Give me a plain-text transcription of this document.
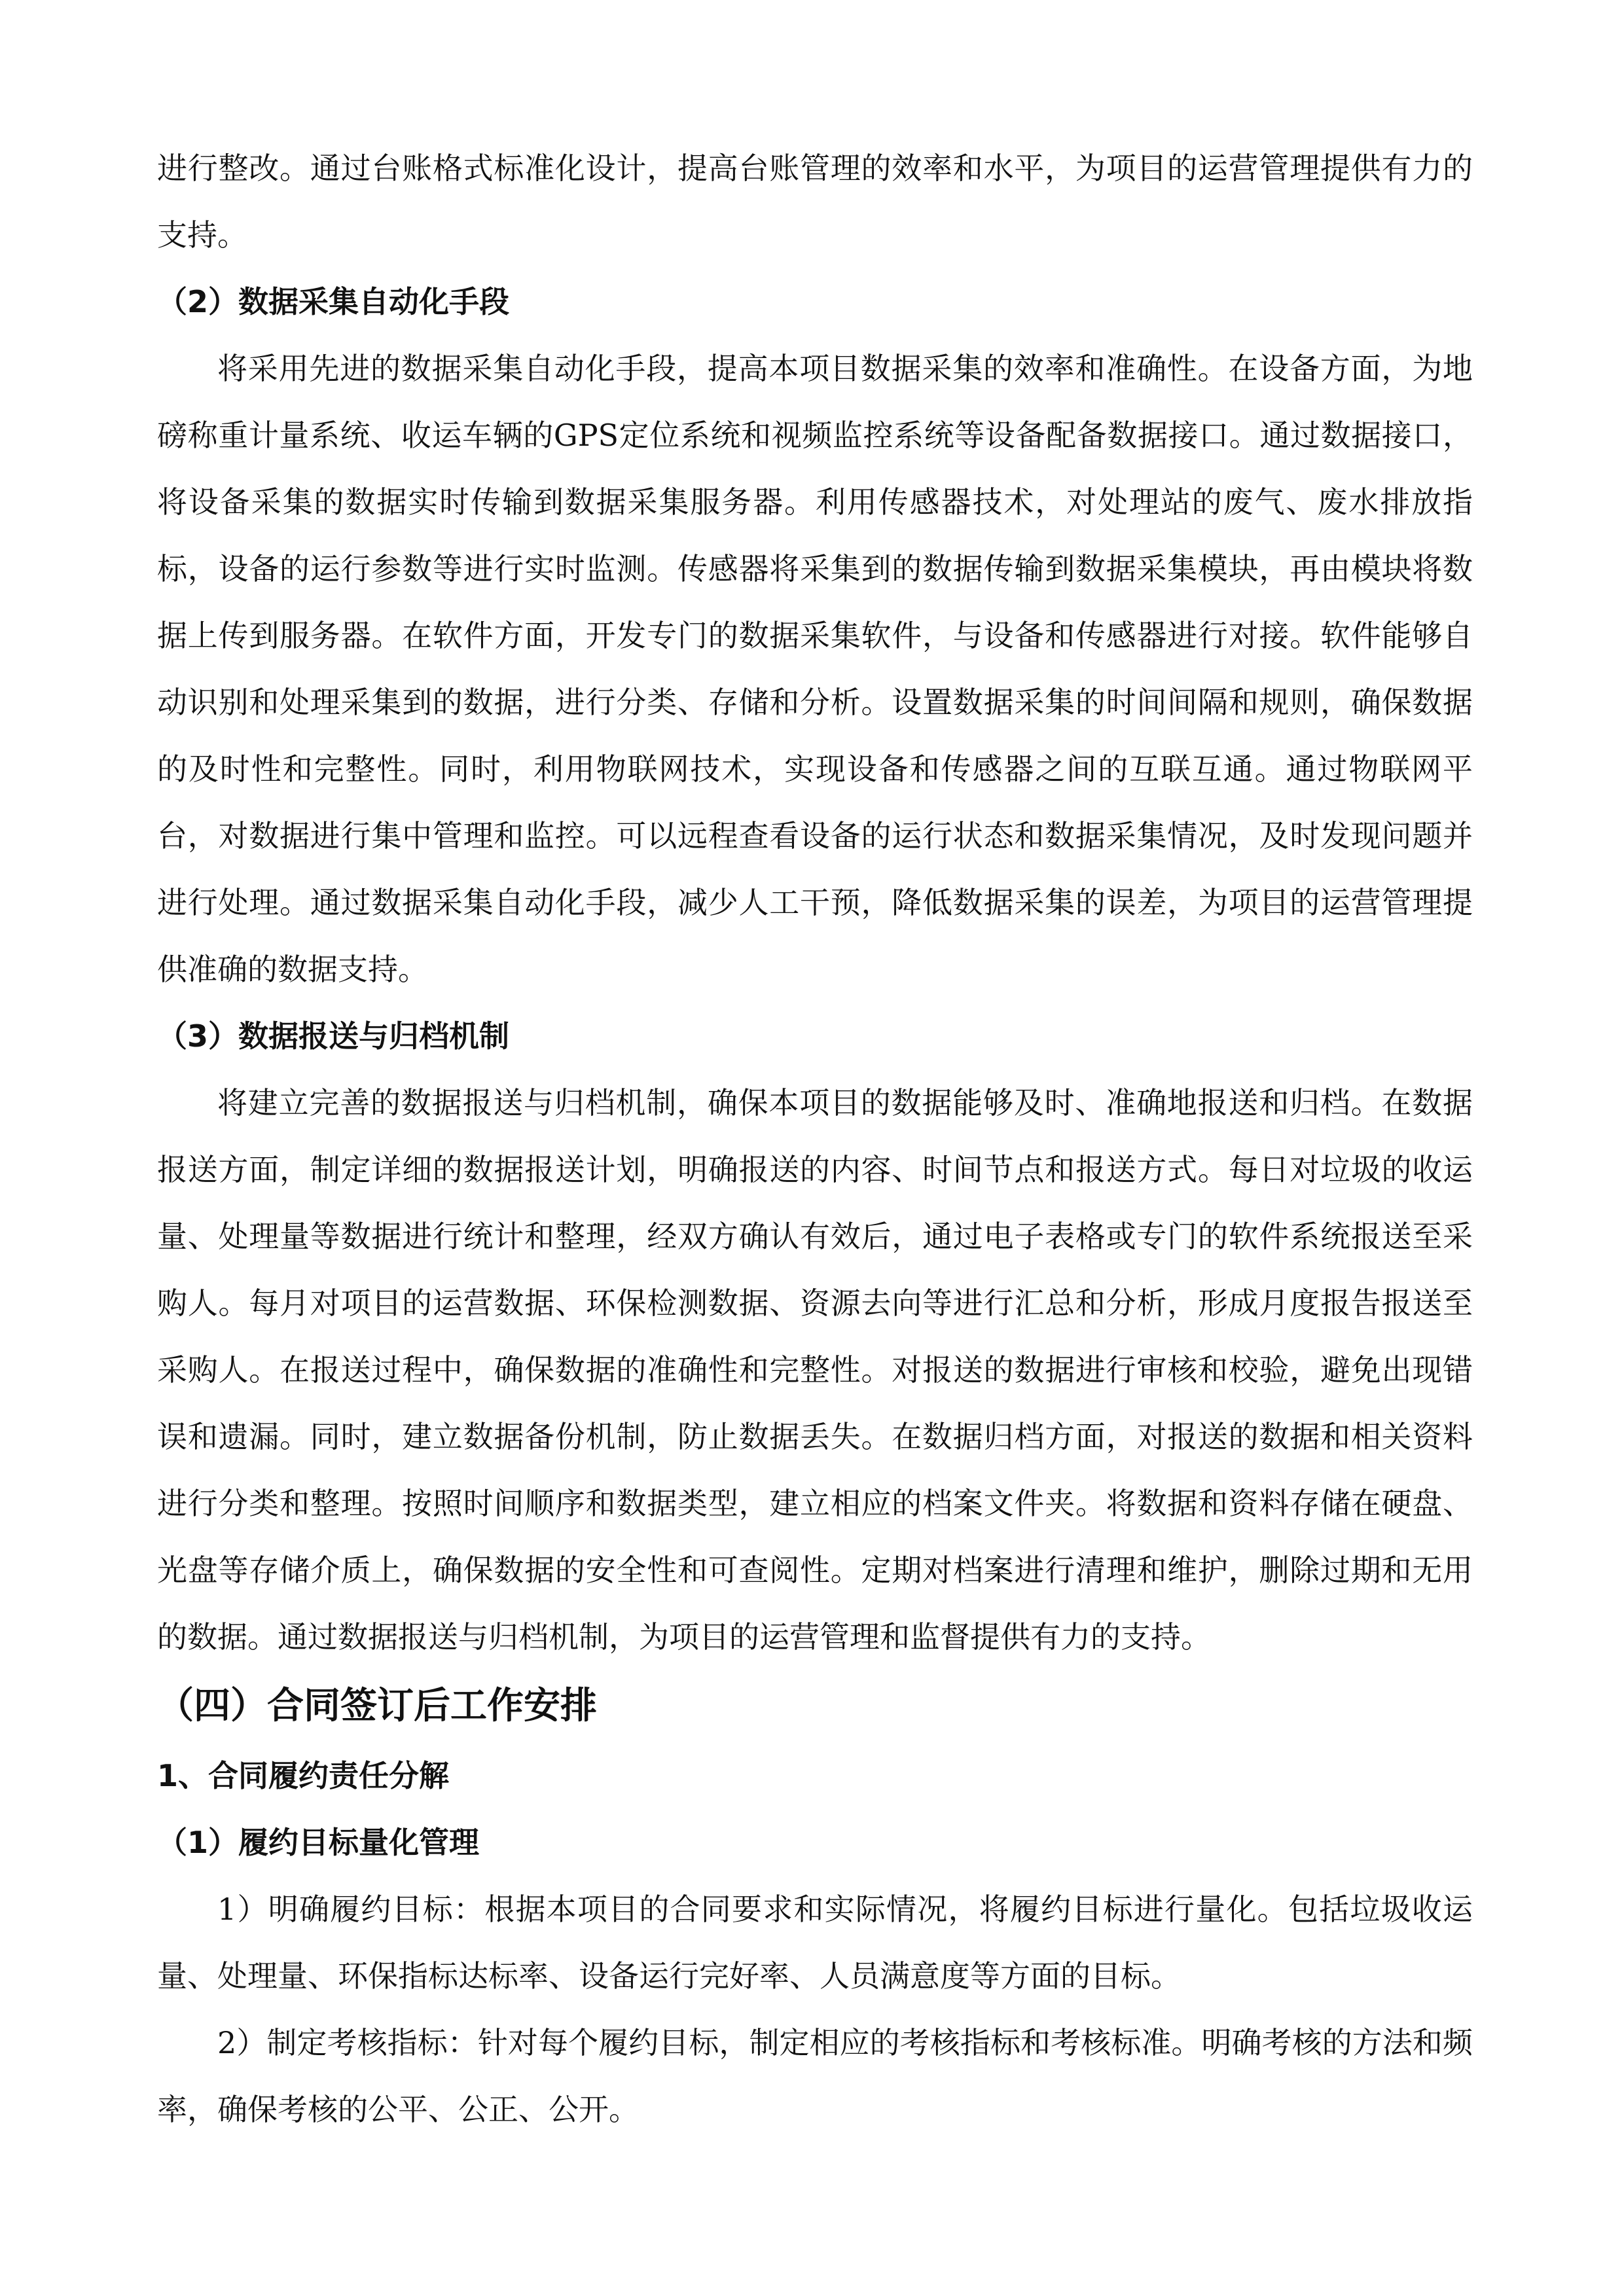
进行整改。通过台账格式标准化设计，提高台账管理的效率和水平，为项目的运营管理提供有力的支持。

（2）数据采集自动化手段

将采用先进的数据采集自动化手段，提高本项目数据采集的效率和准确性。在设备方面，为地磅称重计量系统、收运车辆的GPS定位系统和视频监控系统等设备配备数据接口。通过数据接口，将设备采集的数据实时传输到数据采集服务器。利用传感器技术，对处理站的废气、废水排放指标，设备的运行参数等进行实时监测。传感器将采集到的数据传输到数据采集模块，再由模块将数据上传到服务器。在软件方面，开发专门的数据采集软件，与设备和传感器进行对接。软件能够自动识别和处理采集到的数据，进行分类、存储和分析。设置数据采集的时间间隔和规则，确保数据的及时性和完整性。同时，利用物联网技术，实现设备和传感器之间的互联互通。通过物联网平台，对数据进行集中管理和监控。可以远程查看设备的运行状态和数据采集情况，及时发现问题并进行处理。通过数据采集自动化手段，减少人工干预，降低数据采集的误差，为项目的运营管理提供准确的数据支持。

（3）数据报送与归档机制

将建立完善的数据报送与归档机制，确保本项目的数据能够及时、准确地报送和归档。在数据报送方面，制定详细的数据报送计划，明确报送的内容、时间节点和报送方式。每日对垃圾的收运量、处理量等数据进行统计和整理，经双方确认有效后，通过电子表格或专门的软件系统报送至采购人。每月对项目的运营数据、环保检测数据、资源去向等进行汇总和分析，形成月度报告报送至采购人。在报送过程中，确保数据的准确性和完整性。对报送的数据进行审核和校验，避免出现错误和遗漏。同时，建立数据备份机制，防止数据丢失。在数据归档方面，对报送的数据和相关资料进行分类和整理。按照时间顺序和数据类型，建立相应的档案文件夹。将数据和资料存储在硬盘、光盘等存储介质上，确保数据的安全性和可查阅性。定期对档案进行清理和维护，删除过期和无用的数据。通过数据报送与归档机制，为项目的运营管理和监督提供有力的支持。

（四）合同签订后工作安排

1、合同履约责任分解

（1）履约目标量化管理

1）明确履约目标：根据本项目的合同要求和实际情况，将履约目标进行量化。包括垃圾收运量、处理量、环保指标达标率、设备运行完好率、人员满意度等方面的目标。

2）制定考核指标：针对每个履约目标，制定相应的考核指标和考核标准。明确考核的方法和频率，确保考核的公平、公正、公开。
